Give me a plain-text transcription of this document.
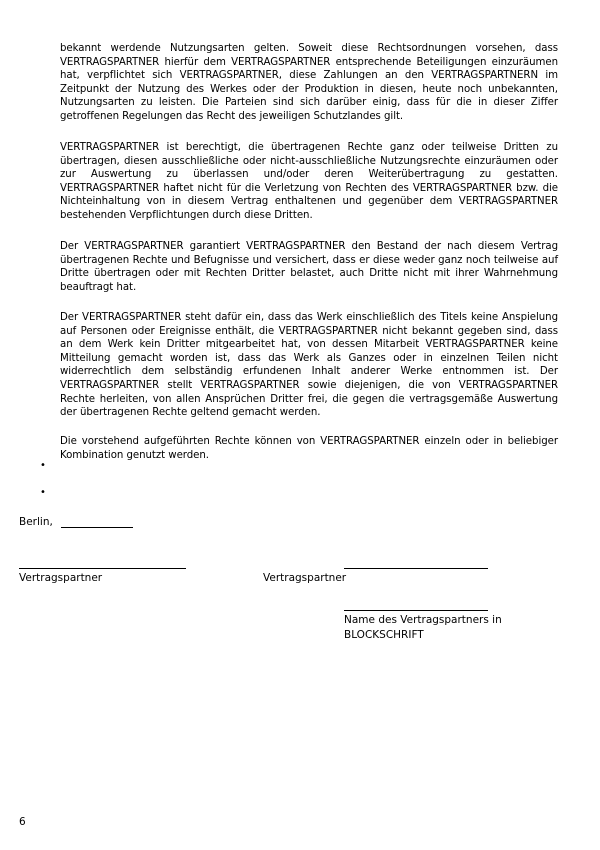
bekannt werdende Nutzungsarten gelten. Soweit diese Rechtsordnungen vorsehen, dass VERTRAGSPARTNER hierfür dem VERTRAGSPARTNER entsprechende Beteiligungen einzuräumen hat, verpflichtet sich VERTRAGSPARTNER, diese Zahlungen an den VERTRAGSPARTNERN im Zeitpunkt der Nutzung des Werkes oder der Produktion in diesen, heute noch unbekannten, Nutzungsarten zu leisten. Die Parteien sind sich darüber einig, dass für die in dieser Ziffer getroffenen Regelungen das Recht des jeweiligen Schutzlandes gilt.

VERTRAGSPARTNER ist berechtigt, die übertragenen Rechte ganz oder teilweise Dritten zu übertragen, diesen ausschließliche oder nicht-ausschließliche Nutzungsrechte einzuräumen oder zur Auswertung zu überlassen und/oder deren Weiterübertragung zu gestatten. VERTRAGSPARTNER haftet nicht für die Verletzung von Rechten des VERTRAGSPARTNER bzw. die Nichteinhaltung von in diesem Vertrag enthaltenen und gegenüber dem VERTRAGSPARTNER bestehenden Verpflichtungen durch diese Dritten.

Der VERTRAGSPARTNER garantiert VERTRAGSPARTNER den Bestand der nach diesem Vertrag übertragenen Rechte und Befugnisse und versichert, dass er diese weder ganz noch teilweise auf Dritte übertragen oder mit Rechten Dritter belastet, auch Dritte nicht mit ihrer Wahrnehmung beauftragt hat.

Der VERTRAGSPARTNER steht dafür ein, dass das Werk einschließlich des Titels keine Anspielung auf Personen oder Ereignisse enthält, die VERTRAGSPARTNER nicht bekannt gegeben sind, dass an dem Werk kein Dritter mitgearbeitet hat, von dessen Mitarbeit VERTRAGSPARTNER keine Mitteilung gemacht worden ist, dass das Werk als Ganzes oder in einzelnen Teilen nicht widerrechtlich dem selbständig erfundenen Inhalt anderer Werke entnommen ist. Der VERTRAGSPARTNER stellt VERTRAGSPARTNER sowie diejenigen, die von VERTRAGSPARTNER Rechte herleiten, von allen Ansprüchen Dritter frei, die gegen die vertragsgemäße Auswertung der übertragenen Rechte geltend gemacht werden.

Die vorstehend aufgeführten Rechte können von VERTRAGSPARTNER einzeln oder in beliebiger Kombination genutzt werden.

•
•
Berlin,
Vertragspartner	Vertragspartner
Name des Vertragspartners in
BLOCKSCHRIFT
6
